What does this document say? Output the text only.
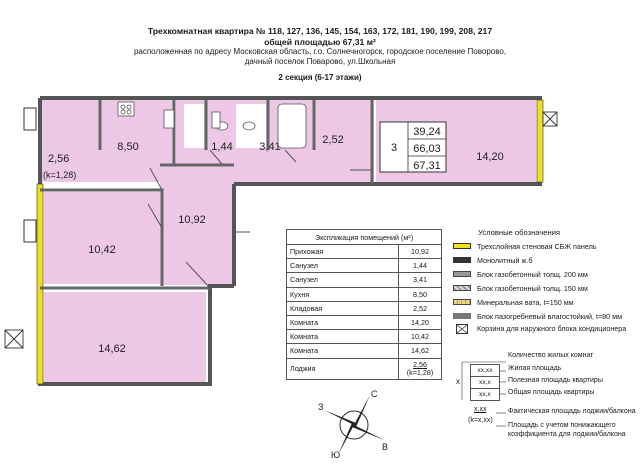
Трехкомнатная квартира № 118, 127, 136, 145, 154, 163, 172, 181, 190, 199, 208, 217
общей площадью 67,31 м²
расположенная по адресу Московская область, г.о. Солнечногорск, городское поселение Поворово,
дачный поселок Поварово, ул.Школьная
2 секция (6-17 этажи)
3
39,24
66,03
67,31
2,56
(k=1,28)
8,50	1,44 3,41
2,52
10,92
14,20
10,42
14,62
С
Ю
В
З
Экспликация помещений (м²)	
Прихожая	10,92
Санузел	1,44
Санузел	3,41
Кухня	8,50
Кладовая	2,52
Комната	14,20
Комната	10,42
Комната	14,62
Лоджия	2,56
(k=1,28)
Условные обозначения
Трехслойная стеновая СБЖ панель
Монолитный ж.б
Блок газобетонный толщ. 200 мм
Блок газобетонный толщ. 150 мм
Минеральная вата, t=150 мм
Блок пазогребневый влагостойкий, t=80 мм
Корзина для наружного блока кондиционера
x
xx,xx
xx,x
xx,x
Количество жилых комнат
Жилая площадь
Полезная площадь квартиры
Общая площадь квартиры
x,xx
(k=x,xx)
Фактическая площадь лоджии/балкона
Площадь с учетом понижающего
коэффициента для лоджии/балкона
